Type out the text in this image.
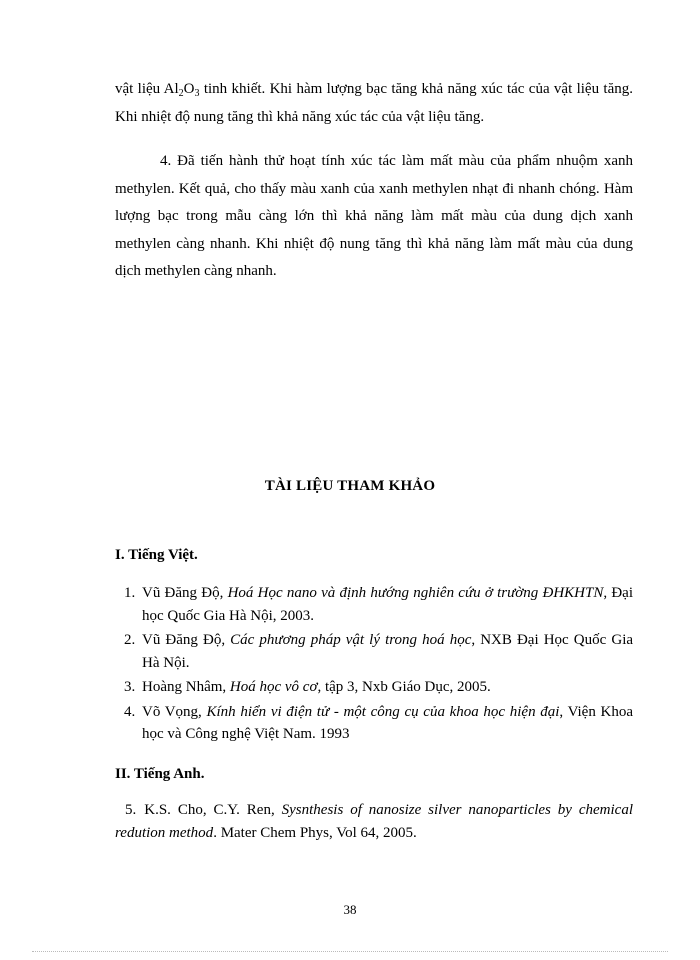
vật liệu $Al_2O_3$ tinh khiết. Khi hàm lượng bạc tăng khả năng xúc tác của vật liệu tăng. Khi nhiệt độ nung tăng thì khả năng xúc tác của vật liệu tăng.
4. Đã tiến hành thử hoạt tính xúc tác làm mất màu của phẩm nhuộm xanh methylen. Kết quả, cho thấy màu xanh của xanh methylen nhạt đi nhanh chóng. Hàm lượng bạc trong mẫu càng lớn thì khả năng làm mất màu của dung dịch xanh methylen càng nhanh. Khi nhiệt độ nung tăng thì khả năng làm mất màu của dung dịch methylen càng nhanh.
TÀI LIỆU THAM KHẢO
I. Tiếng Việt.
1. Vũ Đăng Độ, Hoá Học nano và định hướng nghiên cứu ở trường ĐHKHTN, Đại học Quốc Gia Hà Nội, 2003.
2. Vũ Đăng Độ, Các phương pháp vật lý trong hoá học, NXB Đại Học Quốc Gia Hà Nội.
3. Hoàng Nhâm, Hoá học vô cơ, tập 3, Nxb Giáo Dục, 2005.
4. Võ Vọng, Kính hiển vi điện tử - một công cụ của khoa học hiện đại, Viện Khoa học và Công nghệ Việt Nam. 1993
II. Tiếng Anh.
5. K.S. Cho, C.Y. Ren, Sysnthesis of nanosize silver nanoparticles by chemical redution method. Mater Chem Phys, Vol 64, 2005.
38
